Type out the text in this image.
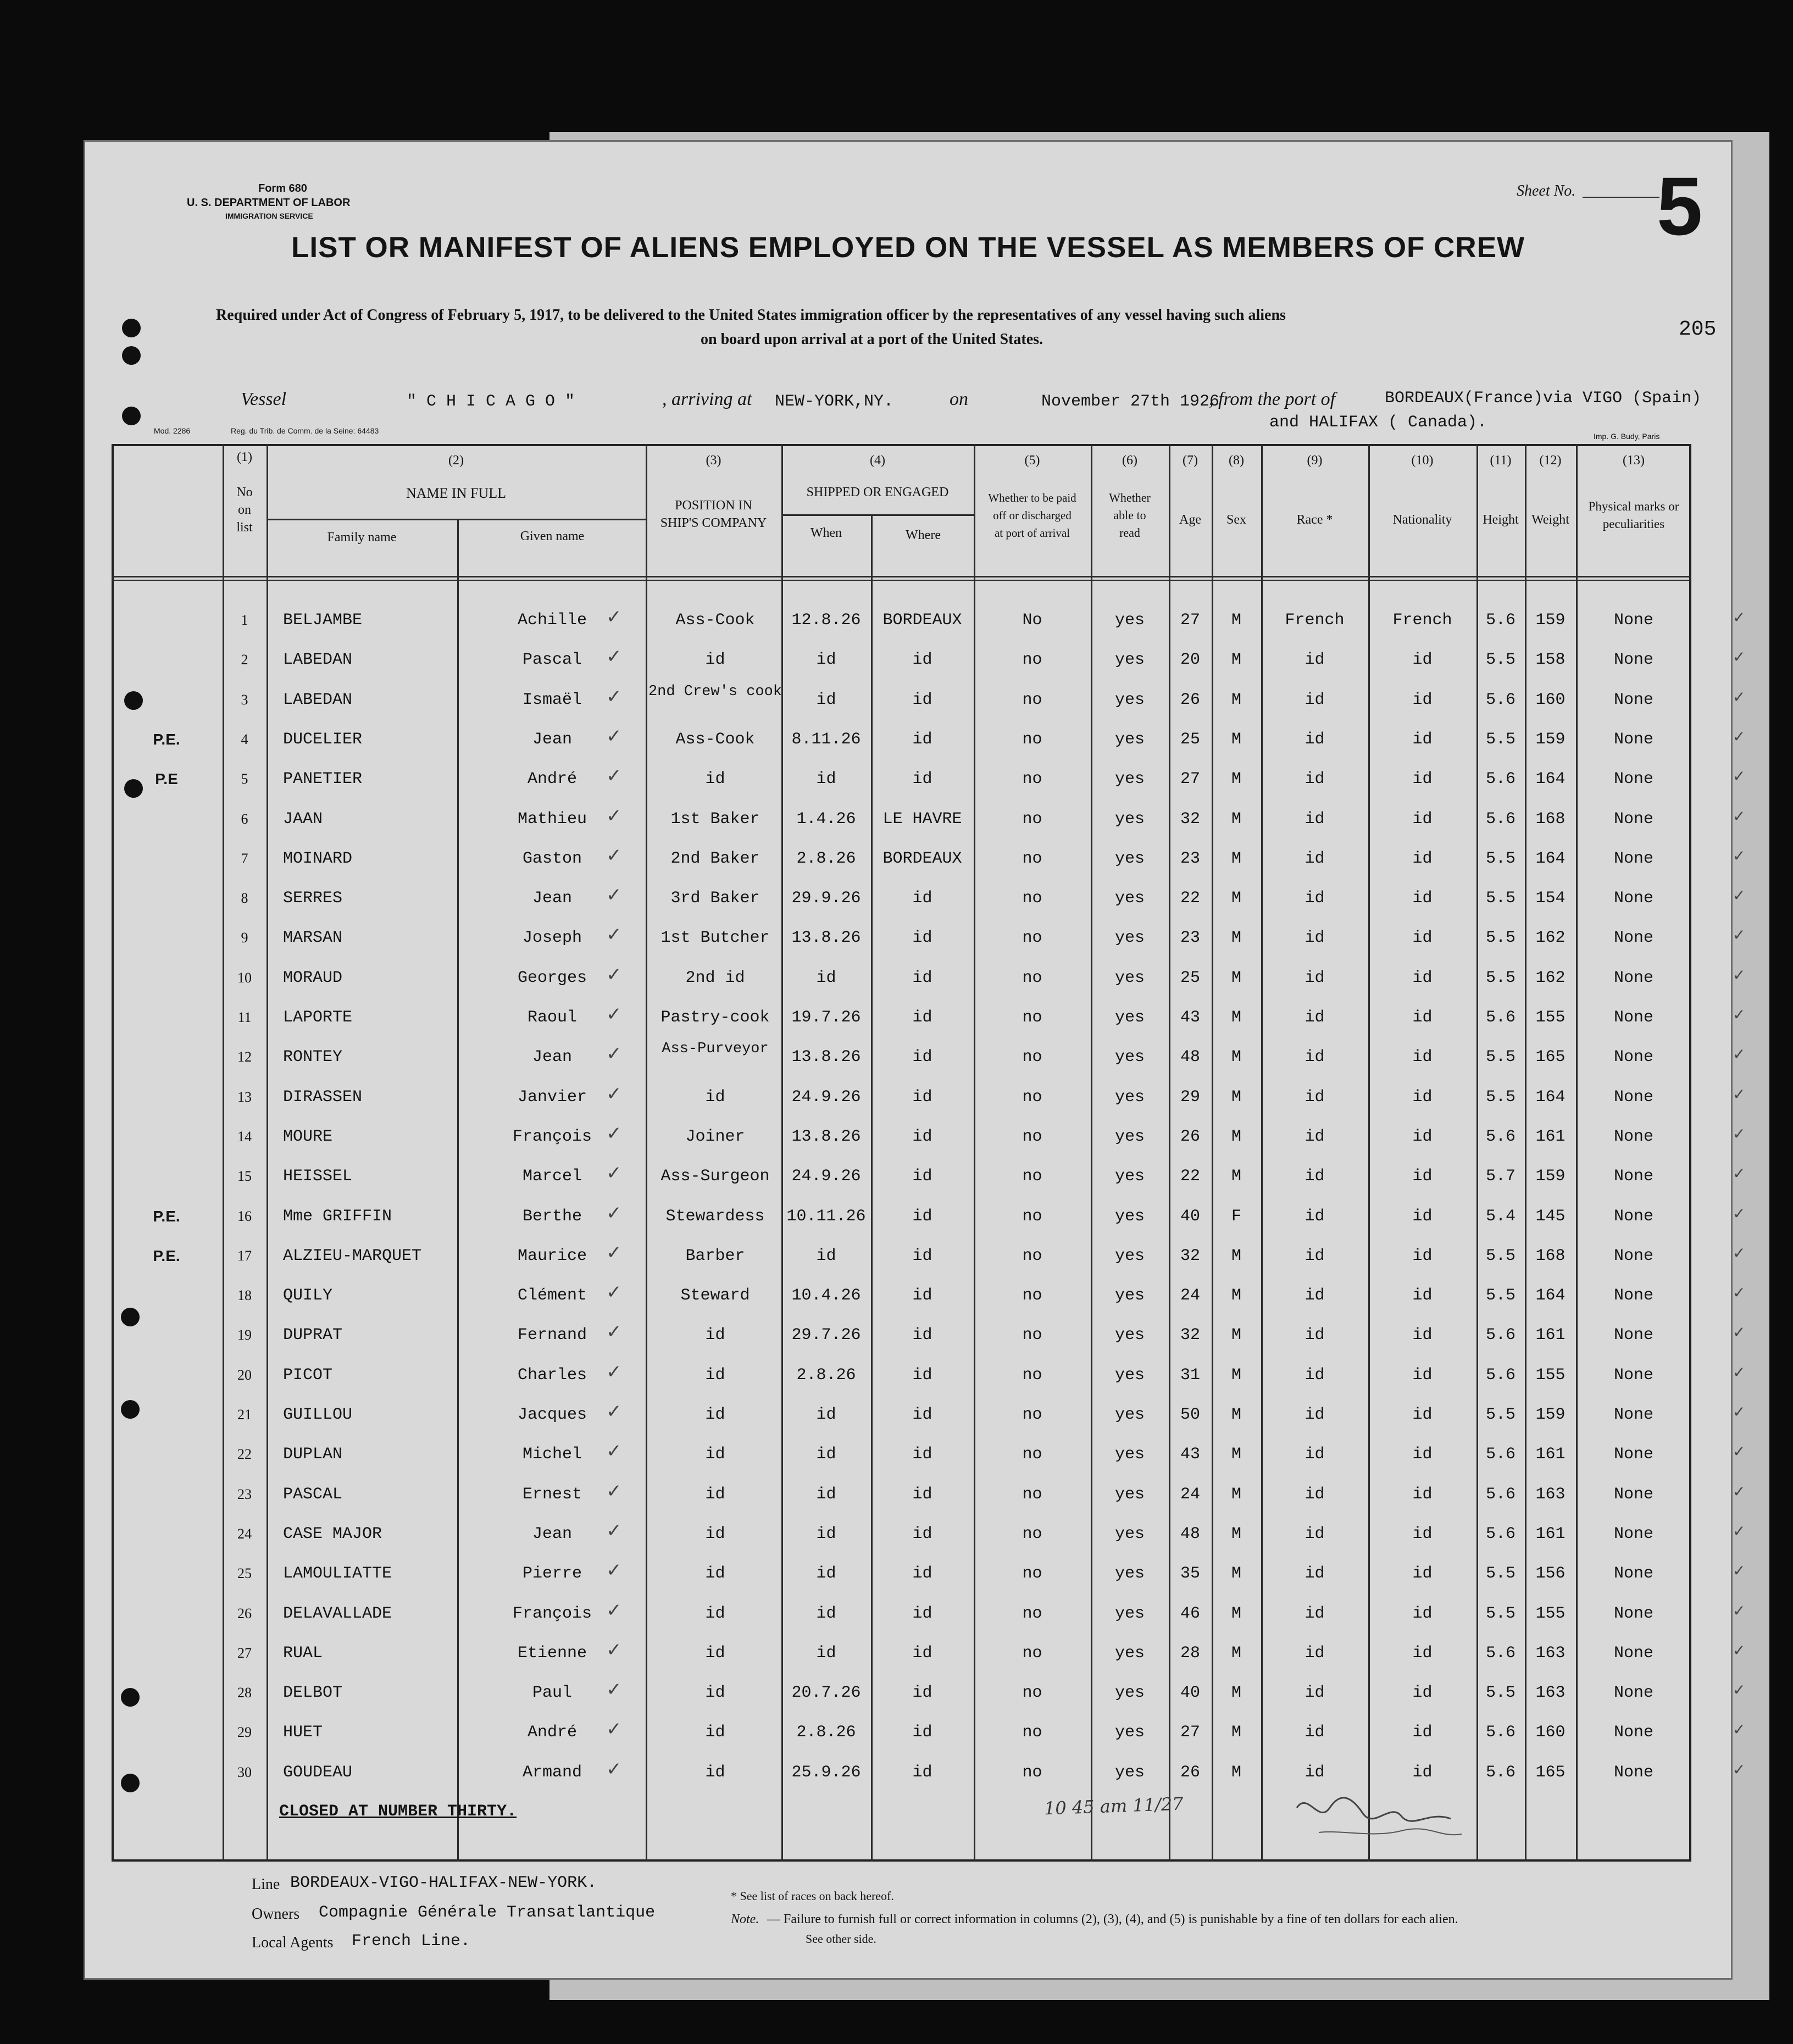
Form 680
U. S. DEPARTMENT OF LABOR
IMMIGRATION SERVICE
Sheet No. 5
205
LIST OR MANIFEST OF ALIENS EMPLOYED ON THE VESSEL AS MEMBERS OF CREW
Required under Act of Congress of February 5, 1917, to be delivered to the United States immigration officer by the representatives of any vessel having such aliens
on board upon arrival at a port of the United States.
Vessel	" C H I C A G O "	, arriving at NEW-YORK,NY.	on	November 27th 1926
, from the port of	BORDEAUX(France)via VIGO (Spain)
and HALIFAX ( Canada).
Mod. 2286	Reg. du Trib. de Comm. de la Seine: 64483
Imp. G. Budy, Paris
(1)
No
on
list
(2)
NAME IN FULL
Family name	Given name
(3)
POSITION IN
SHIP'S COMPANY
(4)
SHIPPED OR ENGAGED
When	Where
(5)
Whether to be paid
off or discharged
at port of arrival
(6)
Whether
able to
read
(7)
Age
(8)
Sex
(9)
Race *
(10)
Nationality
(11)
Height
(12)
Weight
(13)
Physical marks or
peculiarities
1	BELJAMBE	Achille	Ass-Cook	12.8.26	BORDEAUX	No	yes	27	M	French	French	5.6	159	None
✓	✓
2	LABEDAN	Pascal	id	id	id	no	yes	20	M	id	id	5.5	158	None
✓	✓
3	LABEDAN	Ismaël	2nd Crew's cook	id	id	no	yes	26	M	id	id	5.6	160	None
✓	✓
P.E.	4	DUCELIER	Jean	Ass-Cook	8.11.26	id	no	yes	25	M	id	id	5.5	159	None
✓	✓
P.E	5	PANETIER	André	id	id	id	no	yes	27	M	id	id	5.6	164	None
✓	✓
6	JAAN	Mathieu	1st Baker	1.4.26	LE HAVRE	no	yes	32	M	id	id	5.6	168	None
✓	✓
7	MOINARD	Gaston	2nd Baker	2.8.26	BORDEAUX	no	yes	23	M	id	id	5.5	164	None
✓	✓
8	SERRES	Jean	3rd Baker	29.9.26	id	no	yes	22	M	id	id	5.5	154	None
✓	✓
9	MARSAN	Joseph	1st Butcher	13.8.26	id	no	yes	23	M	id	id	5.5	162	None
✓	✓
10	MORAUD	Georges	2nd id	id	id	no	yes	25	M	id	id	5.5	162	None
✓	✓
11	LAPORTE	Raoul	Pastry-cook	19.7.26	id	no	yes	43	M	id	id	5.6	155	None
✓	✓
12	RONTEY	Jean	Ass-Purveyor	13.8.26	id	no	yes	48	M	id	id	5.5	165	None
✓	✓
13	DIRASSEN	Janvier	id	24.9.26	id	no	yes	29	M	id	id	5.5	164	None
✓	✓
14	MOURE	François	Joiner	13.8.26	id	no	yes	26	M	id	id	5.6	161	None
✓	✓
15	HEISSEL	Marcel	Ass-Surgeon	24.9.26	id	no	yes	22	M	id	id	5.7	159	None
✓	✓
P.E.	16	Mme GRIFFIN	Berthe	Stewardess	10.11.26	id	no	yes	40	F	id	id	5.4	145	None
✓	✓
P.E.	17	ALZIEU-MARQUET	Maurice	Barber	id	id	no	yes	32	M	id	id	5.5	168	None
✓	✓
18	QUILY	Clément	Steward	10.4.26	id	no	yes	24	M	id	id	5.5	164	None
✓	✓
19	DUPRAT	Fernand	id	29.7.26	id	no	yes	32	M	id	id	5.6	161	None
✓	✓
20	PICOT	Charles	id	2.8.26	id	no	yes	31	M	id	id	5.6	155	None
✓	✓
21	GUILLOU	Jacques	id	id	id	no	yes	50	M	id	id	5.5	159	None
✓	✓
22	DUPLAN	Michel	id	id	id	no	yes	43	M	id	id	5.6	161	None
✓	✓
23	PASCAL	Ernest	id	id	id	no	yes	24	M	id	id	5.6	163	None
✓	✓
24	CASE MAJOR	Jean	id	id	id	no	yes	48	M	id	id	5.6	161	None
✓	✓
25	LAMOULIATTE	Pierre	id	id	id	no	yes	35	M	id	id	5.5	156	None
✓	✓
26	DELAVALLADE	François	id	id	id	no	yes	46	M	id	id	5.5	155	None
✓	✓
27	RUAL	Etienne	id	id	id	no	yes	28	M	id	id	5.6	163	None
✓	✓
28	DELBOT	Paul	id	20.7.26	id	no	yes	40	M	id	id	5.5	163	None
✓	✓
29	HUET	André	id	2.8.26	id	no	yes	27	M	id	id	5.6	160	None
✓	✓
30	GOUDEAU	Armand	id	25.9.26	id	no	yes	26	M	id	id	5.6	165	None
✓	✓
CLOSED AT NUMBER THIRTY.	10 45 am 11/27
Line BORDEAUX-VIGO-HALIFAX-NEW-YORK.
Owners Compagnie Générale Transatlantique
Local Agents French Line.
* See list of races on back hereof.
Note. — Failure to furnish full or correct information in columns (2), (3), (4), and (5) is punishable by a fine of ten dollars for each alien.
See other side.
